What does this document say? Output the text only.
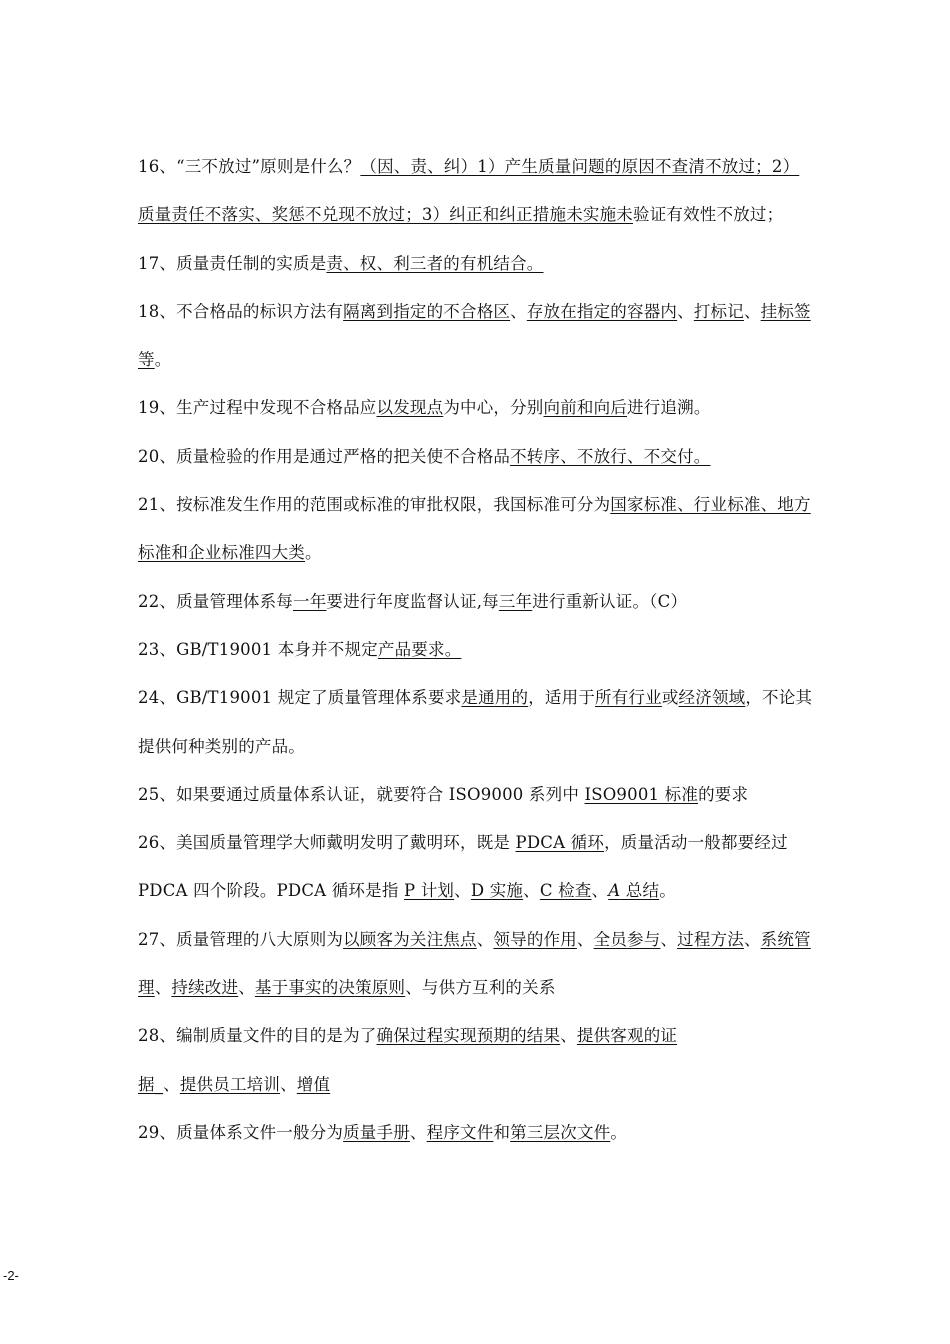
16、“三不放过”原则是什么？（因、责、纠）1）产生质量问题的原因不查清不放过；2）质量责任不落实、奖惩不兑现不放过；3）纠正和纠正措施未实施未验证有效性不放过；

17、质量责任制的实质是责、权、利三者的有机结合。

18、不合格品的标识方法有隔离到指定的不合格区、存放在指定的容器内、打标记、挂标签等。

19、生产过程中发现不合格品应以发现点为中心，分别向前和向后进行追溯。

20、质量检验的作用是通过严格的把关使不合格品不转序、不放行、不交付。

21、按标准发生作用的范围或标准的审批权限，我国标准可分为国家标准、行业标准、地方标准和企业标准四大类。

22、质量管理体系每一年要进行年度监督认证,每三年进行重新认证。（C）

23、GB/T19001 本身并不规定产品要求。

24、GB/T19001 规定了质量管理体系要求是通用的，适用于所有行业或经济领域，不论其提供何种类别的产品。

25、如果要通过质量体系认证，就要符合 ISO9000 系列中 ISO9001 标准的要求

26、美国质量管理学大师戴明发明了戴明环，既是 PDCA 循环，质量活动一般都要经过 PDCA 四个阶段。PDCA 循环是指 P 计划、D 实施、C 检查、A 总结。

27、质量管理的八大原则为以顾客为关注焦点、领导的作用、全员参与、过程方法、系统管理、持续改进、基于事实的决策原则、与供方互利的关系

28、编制质量文件的目的是为了确保过程实现预期的结果、提供客观的证
据_、提供员工培训、增值

29、质量体系文件一般分为质量手册、程序文件和第三层次文件。

-2-
